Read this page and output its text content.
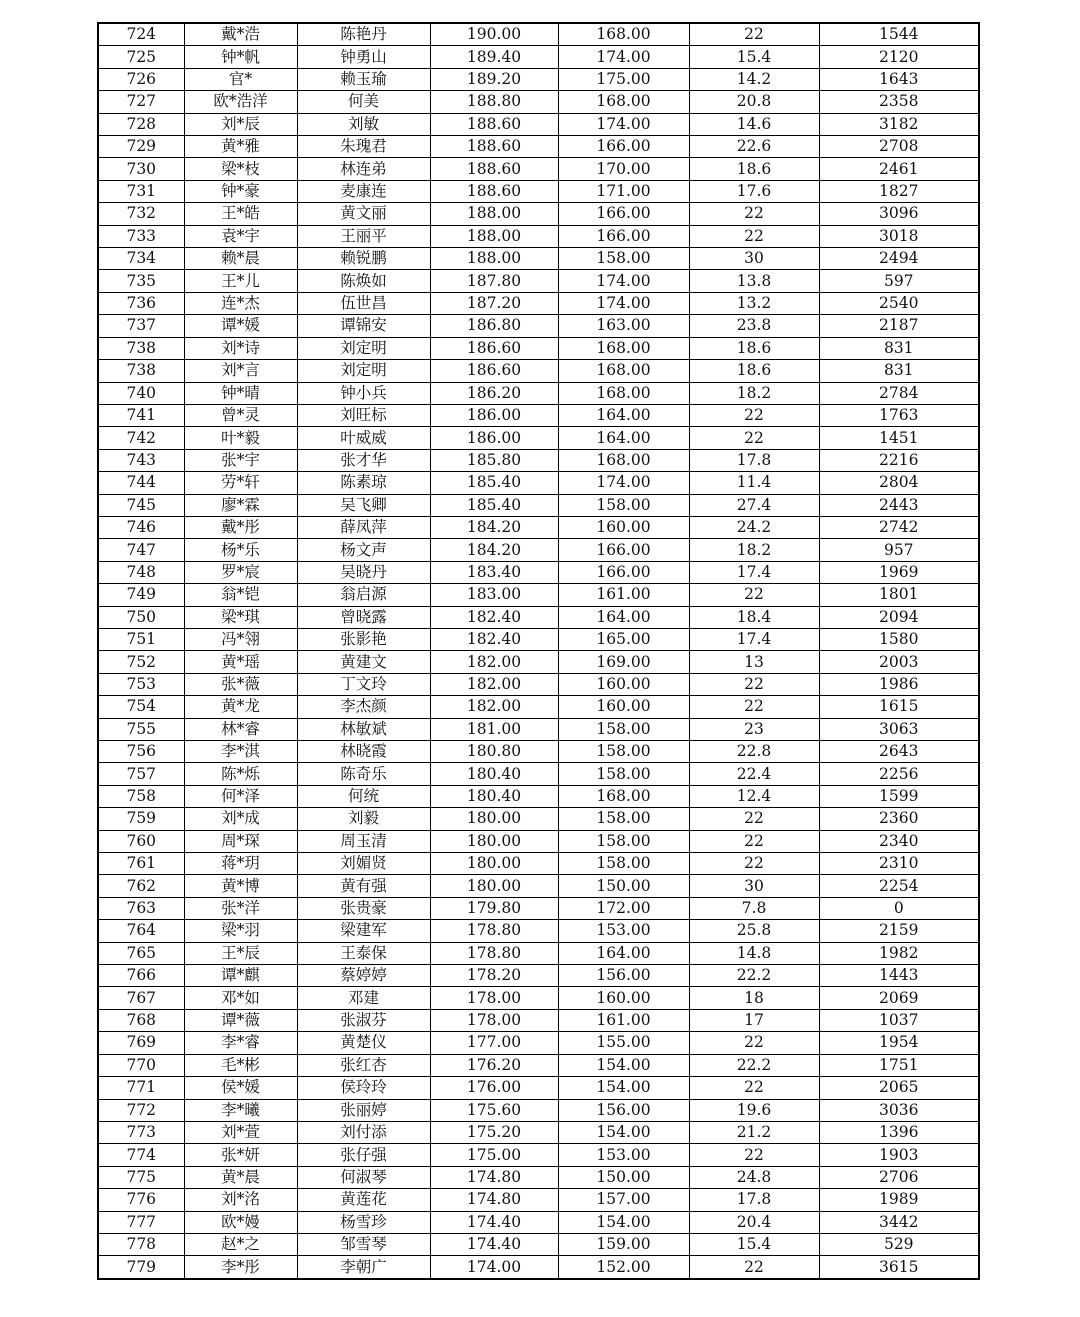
724	戴*浩	陈艳丹	190.00	168.00	22	1544
725	钟*帆	钟勇山	189.40	174.00	15.4	2120
726	官*	赖玉瑜	189.20	175.00	14.2	1643
727	欧*浩洋	何美	188.80	168.00	20.8	2358
728	刘*辰	刘敏	188.60	174.00	14.6	3182
729	黄*雅	朱瑰君	188.60	166.00	22.6	2708
730	梁*枝	林连弟	188.60	170.00	18.6	2461
731	钟*豪	麦康连	188.60	171.00	17.6	1827
732	王*皓	黄文丽	188.00	166.00	22	3096
733	袁*宇	王丽平	188.00	166.00	22	3018
734	赖*晨	赖锐鹏	188.00	158.00	30	2494
735	王*儿	陈焕如	187.80	174.00	13.8	597
736	连*杰	伍世昌	187.20	174.00	13.2	2540
737	谭*媛	谭锦安	186.80	163.00	23.8	2187
738	刘*诗	刘定明	186.60	168.00	18.6	831
738	刘*言	刘定明	186.60	168.00	18.6	831
740	钟*晴	钟小兵	186.20	168.00	18.2	2784
741	曾*灵	刘旺标	186.00	164.00	22	1763
742	叶*毅	叶威威	186.00	164.00	22	1451
743	张*宇	张才华	185.80	168.00	17.8	2216
744	劳*轩	陈素琼	185.40	174.00	11.4	2804
745	廖*霖	吴飞卿	185.40	158.00	27.4	2443
746	戴*彤	薛凤萍	184.20	160.00	24.2	2742
747	杨*乐	杨文声	184.20	166.00	18.2	957
748	罗*宸	吴晓丹	183.40	166.00	17.4	1969
749	翁*铠	翁启源	183.00	161.00	22	1801
750	梁*琪	曾晓露	182.40	164.00	18.4	2094
751	冯*翎	张影艳	182.40	165.00	17.4	1580
752	黄*瑶	黄建文	182.00	169.00	13	2003
753	张*薇	丁文玲	182.00	160.00	22	1986
754	黄*龙	李杰颜	182.00	160.00	22	1615
755	林*睿	林敏斌	181.00	158.00	23	3063
756	李*淇	林晓霞	180.80	158.00	22.8	2643
757	陈*烁	陈奇乐	180.40	158.00	22.4	2256
758	何*泽	何统	180.40	168.00	12.4	1599
759	刘*成	刘毅	180.00	158.00	22	2360
760	周*琛	周玉清	180.00	158.00	22	2340
761	蒋*玥	刘媚贤	180.00	158.00	22	2310
762	黄*博	黄有强	180.00	150.00	30	2254
763	张*洋	张贵豪	179.80	172.00	7.8	0
764	梁*羽	梁建军	178.80	153.00	25.8	2159
765	王*辰	王泰保	178.80	164.00	14.8	1982
766	谭*麒	蔡婷婷	178.20	156.00	22.2	1443
767	邓*如	邓建	178.00	160.00	18	2069
768	谭*薇	张淑芬	178.00	161.00	17	1037
769	李*睿	黄楚仪	177.00	155.00	22	1954
770	毛*彬	张红杏	176.20	154.00	22.2	1751
771	侯*媛	侯玲玲	176.00	154.00	22	2065
772	李*曦	张丽婷	175.60	156.00	19.6	3036
773	刘*萱	刘付添	175.20	154.00	21.2	1396
774	张*妍	张仔强	175.00	153.00	22	1903
775	黄*晨	何淑琴	174.80	150.00	24.8	2706
776	刘*洺	黄莲花	174.80	157.00	17.8	1989
777	欧*嫚	杨雪珍	174.40	154.00	20.4	3442
778	赵*之	邹雪琴	174.40	159.00	15.4	529
779	李*彤	李朝广	174.00	152.00	22	3615
